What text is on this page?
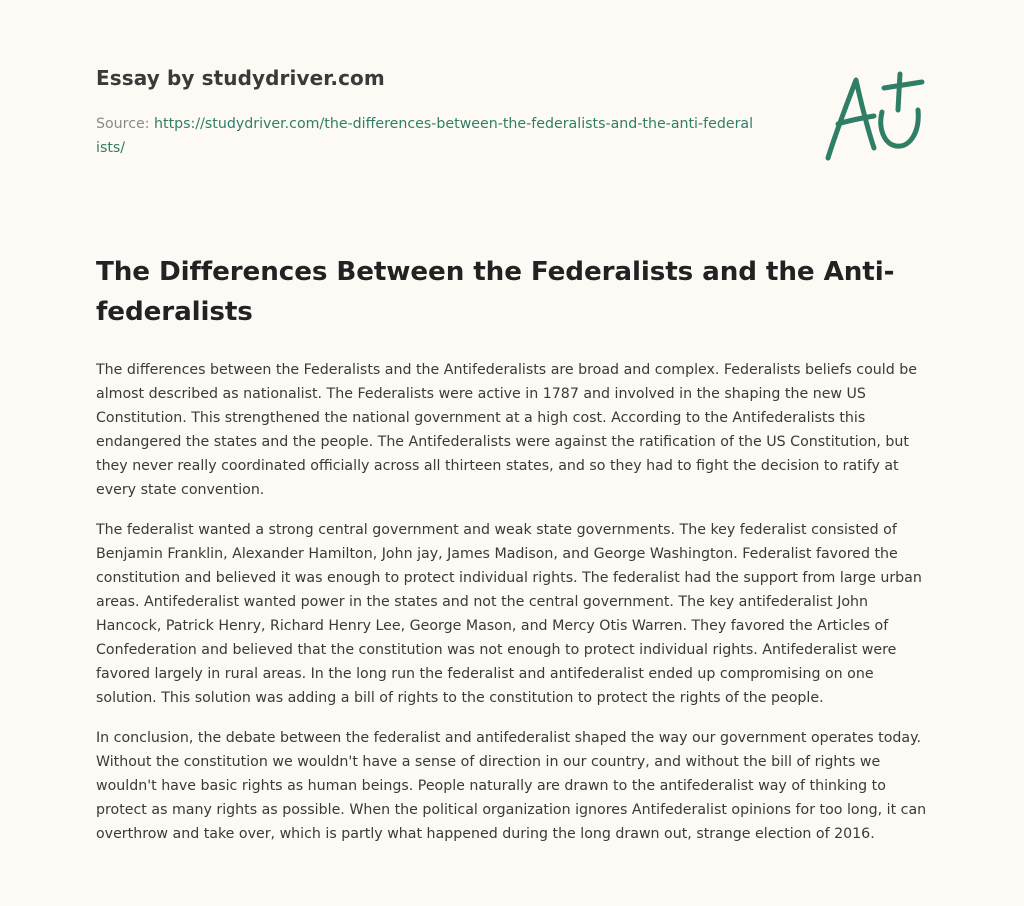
Essay by studydriver.com
Source: https://studydriver.com/the-differences-between-the-federalists-and-the-anti-federalists/
The Differences Between the Federalists and the Anti-federalists

The differences between the Federalists and the Antifederalists are broad and complex. Federalists beliefs could be almost described as nationalist. The Federalists were active in 1787 and involved in the shaping the new US Constitution. This strengthened the national government at a high cost. According to the Antifederalists this endangered the states and the people. The Antifederalists were against the ratification of the US Constitution, but they never really coordinated officially across all thirteen states, and so they had to fight the decision to ratify at every state convention.

The federalist wanted a strong central government and weak state governments. The key federalist consisted of Benjamin Franklin, Alexander Hamilton, John jay, James Madison, and George Washington. Federalist favored the constitution and believed it was enough to protect individual rights. The federalist had the support from large urban areas. Antifederalist wanted power in the states and not the central government. The key antifederalist John Hancock, Patrick Henry, Richard Henry Lee, George Mason, and Mercy Otis Warren. They favored the Articles of Confederation and believed that the constitution was not enough to protect individual rights. Antifederalist were favored largely in rural areas. In the long run the federalist and antifederalist ended up compromising on one solution. This solution was adding a bill of rights to the constitution to protect the rights of the people.

In conclusion, the debate between the federalist and antifederalist shaped the way our government operates today. Without the constitution we wouldn't have a sense of direction in our country, and without the bill of rights we wouldn't have basic rights as human beings. People naturally are drawn to the antifederalist way of thinking to protect as many rights as possible. When the political organization ignores Antifederalist opinions for too long, it can overthrow and take over, which is partly what happened during the long drawn out, strange election of 2016.
